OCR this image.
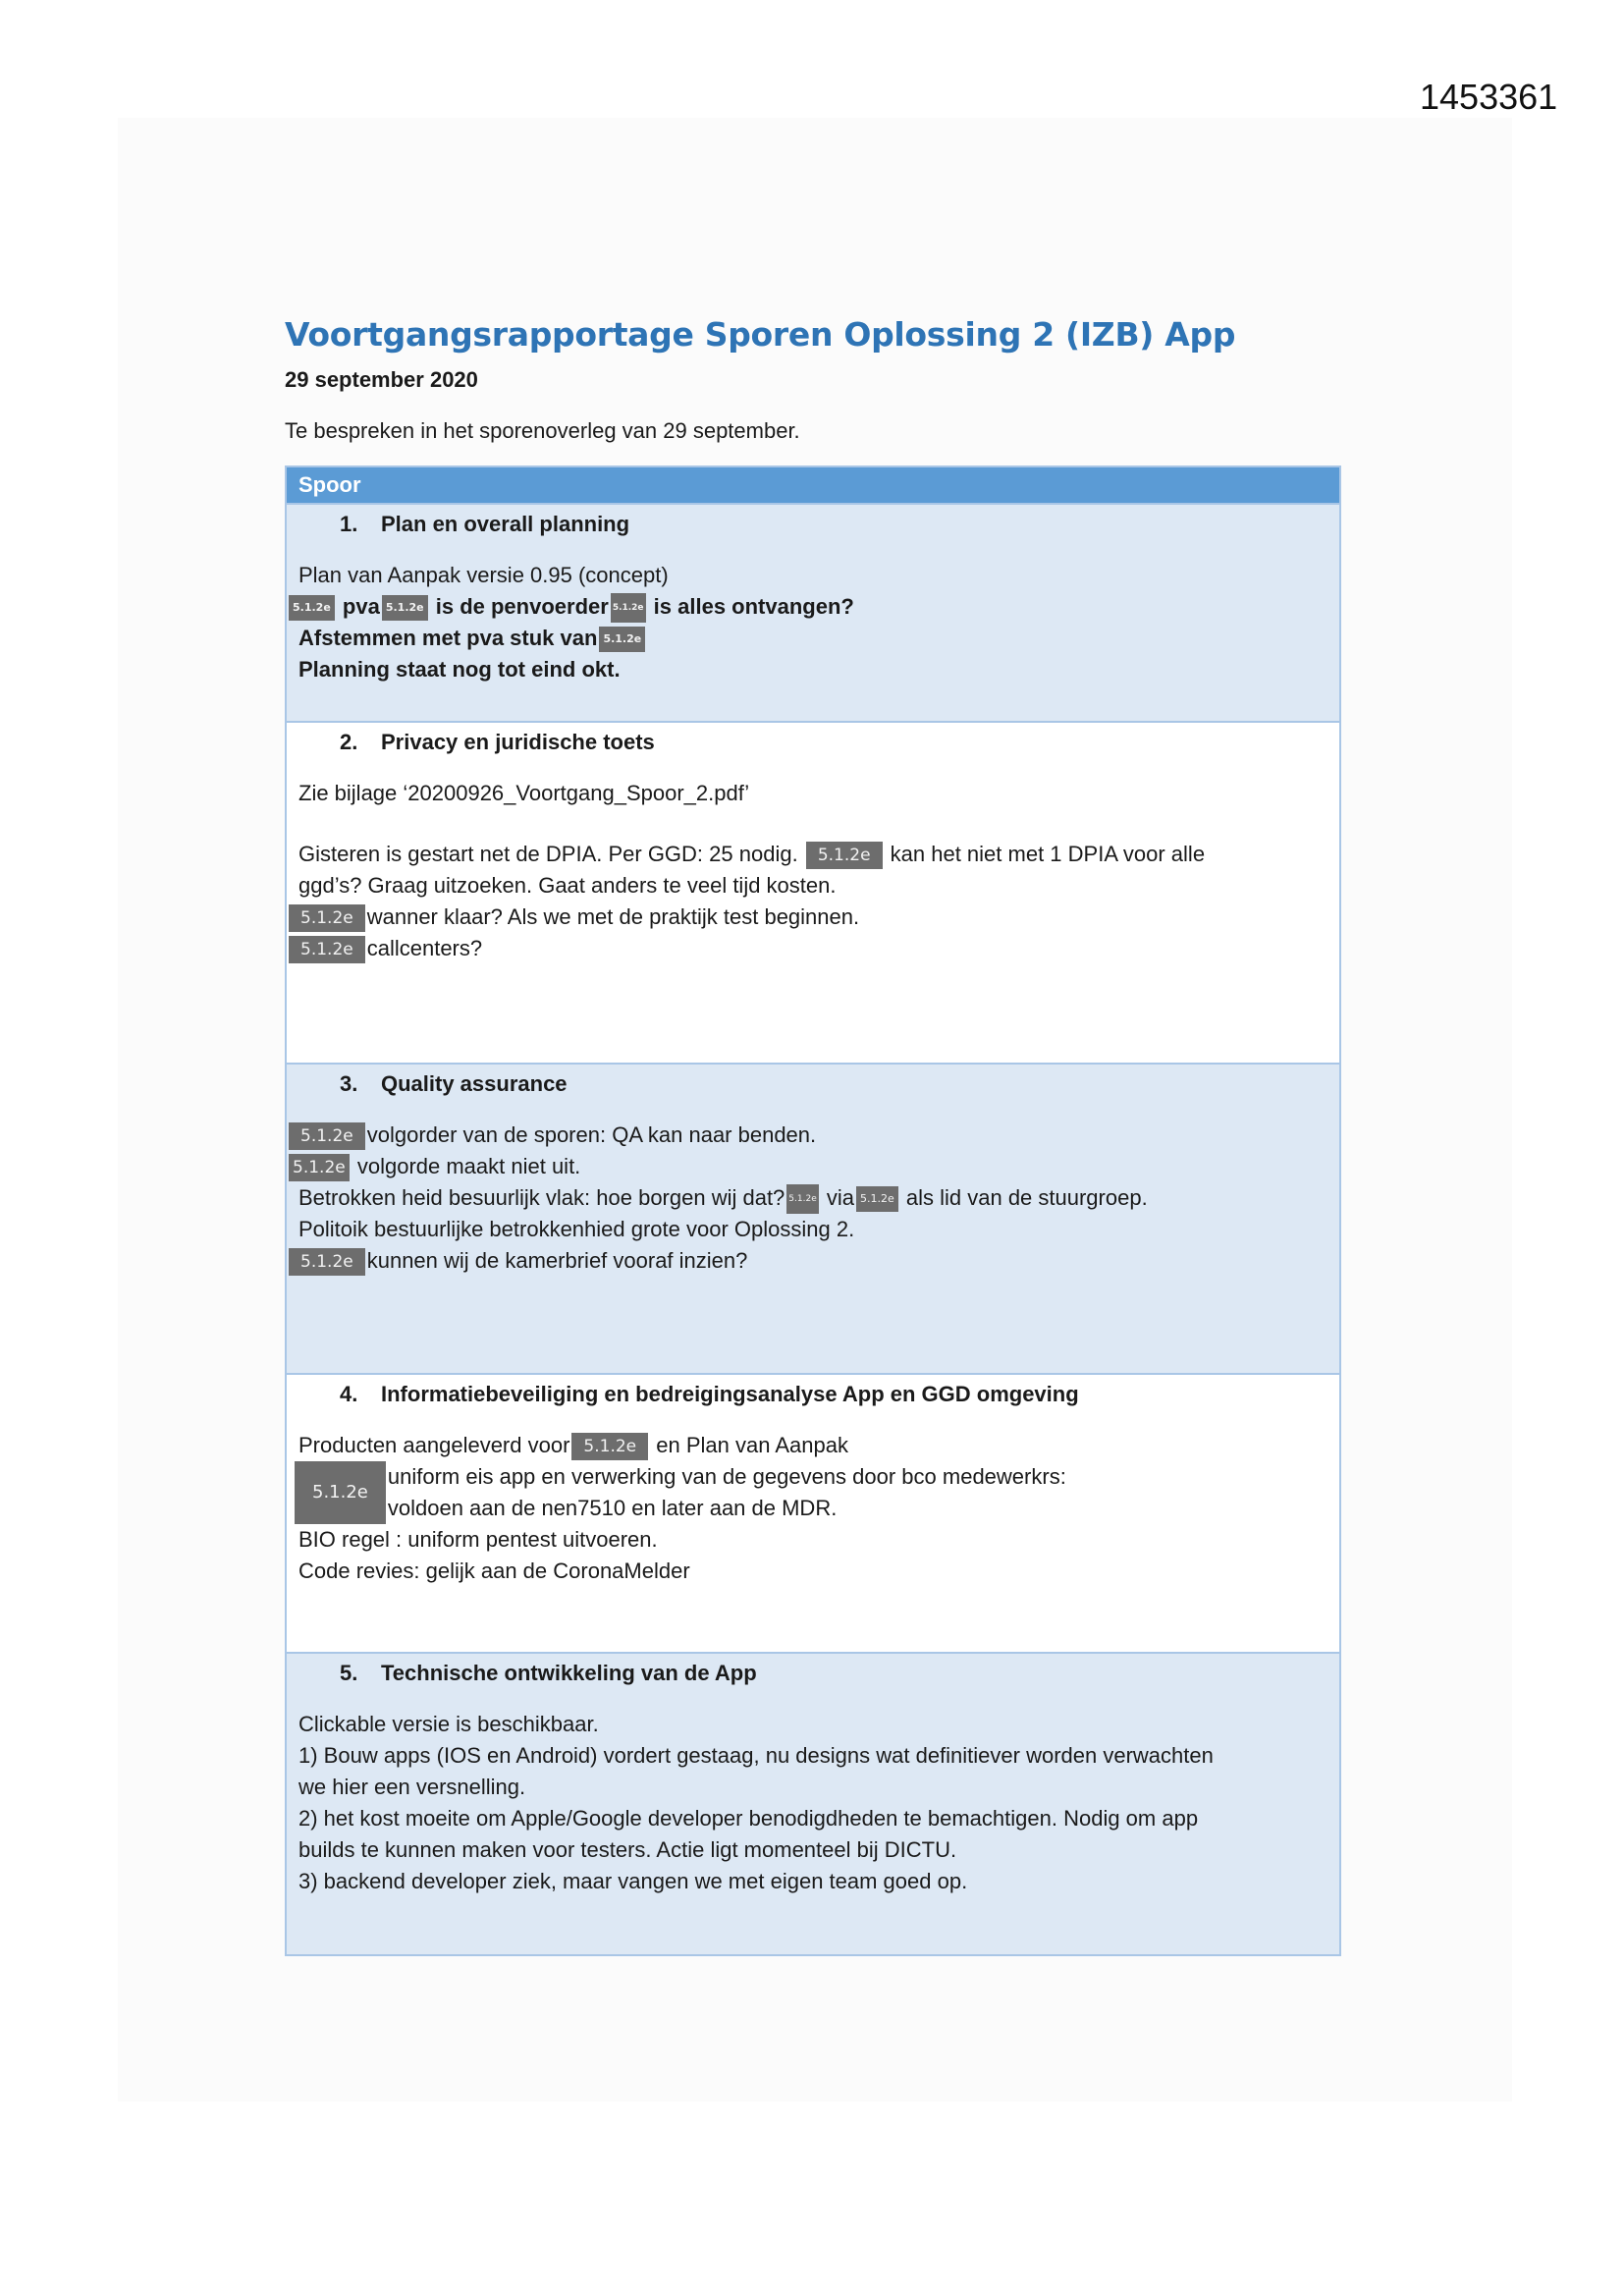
1453361
Voortgangsrapportage Sporen Oplossing 2 (IZB) App
29 september 2020
Te bespreken in het sporenoverleg van 29 september.
Spoor
1. Plan en overall planning
Plan van Aanpak versie 0.95 (concept)
5.1.2e pva 5.1.2e is de penvoerder 5.1.2e is alles ontvangen?
Afstemmen met pva stuk van 5.1.2e
Planning staat nog tot eind okt.
2. Privacy en juridische toets
Zie bijlage ‘20200926_Voortgang_Spoor_2.pdf’
Gisteren is gestart net de DPIA. Per GGD: 25 nodig. 5.1.2e kan het niet met 1 DPIA voor alle
ggd’s? Graag uitzoeken. Gaat anders te veel tijd kosten.
5.1.2e wanner klaar? Als we met de praktijk test beginnen.
5.1.2e callcenters?
3. Quality assurance
5.1.2e volgorder van de sporen: QA kan naar benden.
5.1.2e volgorde maakt niet uit.
Betrokken heid besuurlijk vlak: hoe borgen wij dat? 5.1.2e via 5.1.2e als lid van de stuurgroep.
Politoik bestuurlijke betrokkenhied grote voor Oplossing 2.
5.1.2e kunnen wij de kamerbrief vooraf inzien?
4. Informatiebeveiliging en bedreigingsanalyse App en GGD omgeving
Producten aangeleverd voor 5.1.2e en Plan van Aanpak
5.1.2e
uniform eis app en verwerking van de gegevens door bco medewerkrs:
voldoen aan de nen7510 en later aan de MDR.
BIO regel : uniform pentest uitvoeren.
Code revies: gelijk aan de CoronaMelder
5. Technische ontwikkeling van de App
Clickable versie is beschikbaar.
1) Bouw apps (IOS en Android) vordert gestaag, nu designs wat definitiever worden verwachten
we hier een versnelling.
2) het kost moeite om Apple/Google developer benodigdheden te bemachtigen. Nodig om app
builds te kunnen maken voor testers. Actie ligt momenteel bij DICTU.
3) backend developer ziek, maar vangen we met eigen team goed op.
